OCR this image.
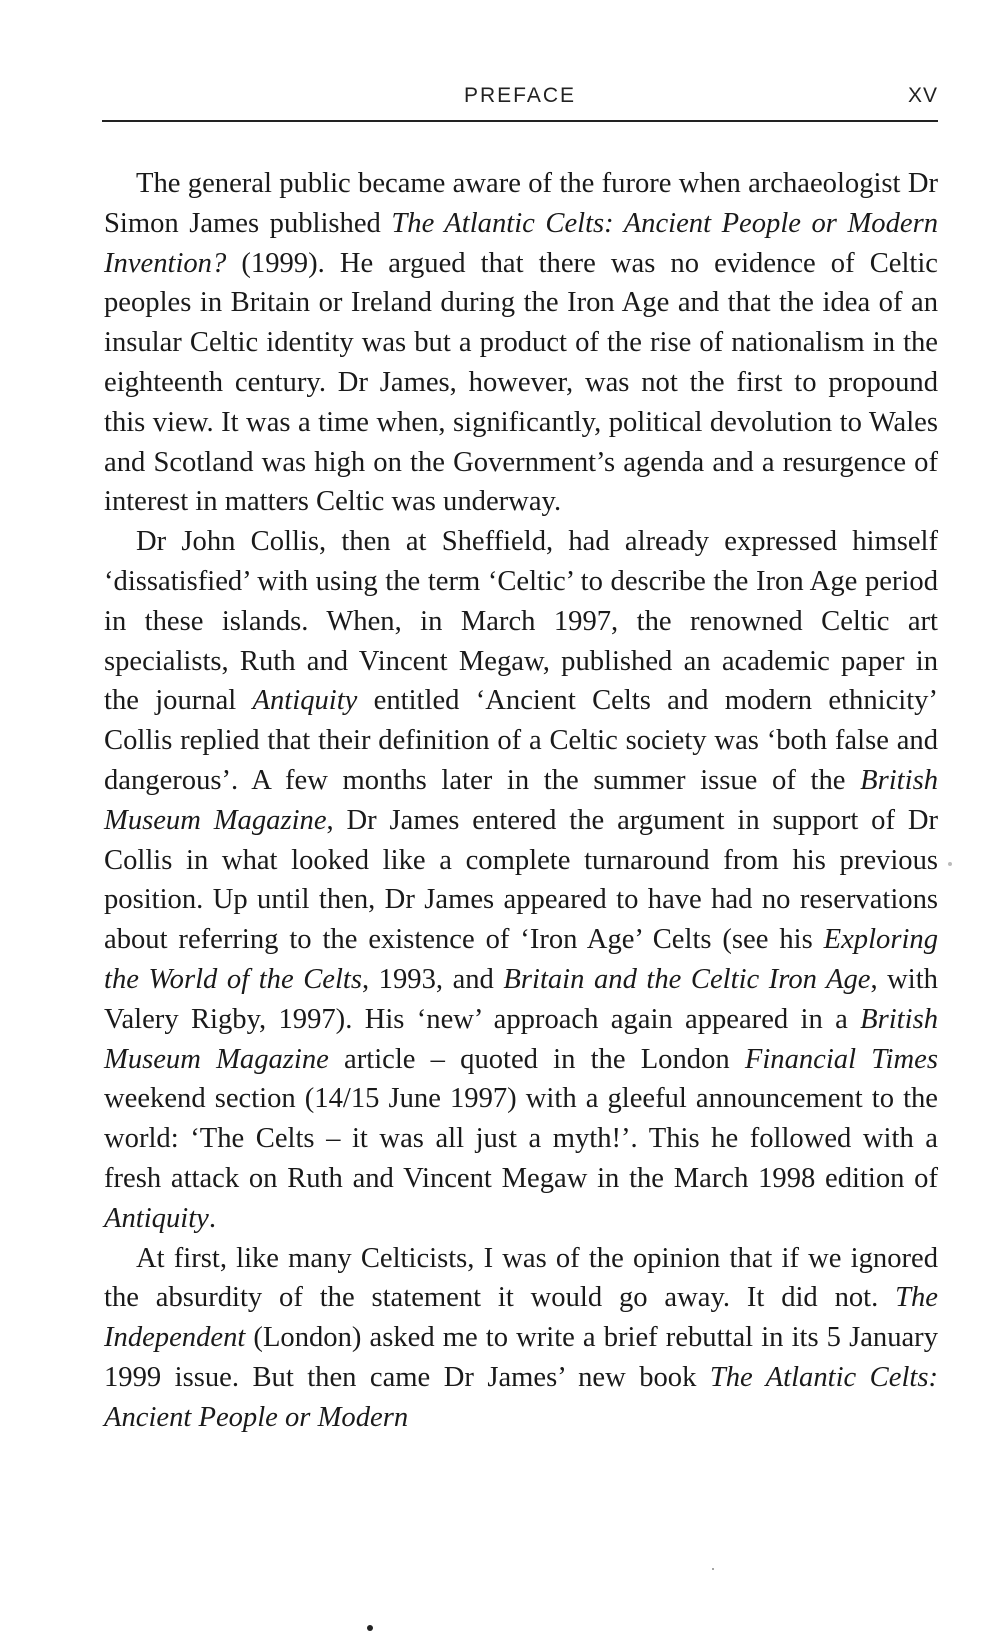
PREFACE	XV

The general public became aware of the furore when archaeologist Dr Simon James published The Atlantic Celts: Ancient People or Modern Invention? (1999). He argued that there was no evidence of Celtic peoples in Britain or Ireland during the Iron Age and that the idea of an insular Celtic identity was but a product of the rise of nationalism in the eighteenth century. Dr James, however, was not the first to propound this view. It was a time when, significantly, political devolution to Wales and Scotland was high on the Government’s agenda and a resurgence of interest in matters Celtic was underway.

Dr John Collis, then at Sheffield, had already expressed himself ‘dissatisfied’ with using the term ‘Celtic’ to describe the Iron Age period in these islands. When, in March 1997, the renowned Celtic art specialists, Ruth and Vincent Megaw, published an academic paper in the journal Antiquity entitled ‘Ancient Celts and modern ethnicity’ Collis replied that their definition of a Celtic society was ‘both false and dangerous’. A few months later in the summer issue of the British Museum Magazine, Dr James entered the argument in support of Dr Collis in what looked like a complete turnaround from his previous position. Up until then, Dr James appeared to have had no reservations about referring to the existence of ‘Iron Age’ Celts (see his Exploring the World of the Celts, 1993, and Britain and the Celtic Iron Age, with Valery Rigby, 1997). His ‘new’ approach again appeared in a British Museum Magazine article – quoted in the London Financial Times weekend section (14/15 June 1997) with a gleeful announcement to the world: ‘The Celts – it was all just a myth!’. This he followed with a fresh attack on Ruth and Vincent Megaw in the March 1998 edition of Antiquity.

At first, like many Celticists, I was of the opinion that if we ignored the absurdity of the statement it would go away. It did not. The Independent (London) asked me to write a brief rebuttal in its 5 January 1999 issue. But then came Dr James’ new book The Atlantic Celts: Ancient People or Modern
